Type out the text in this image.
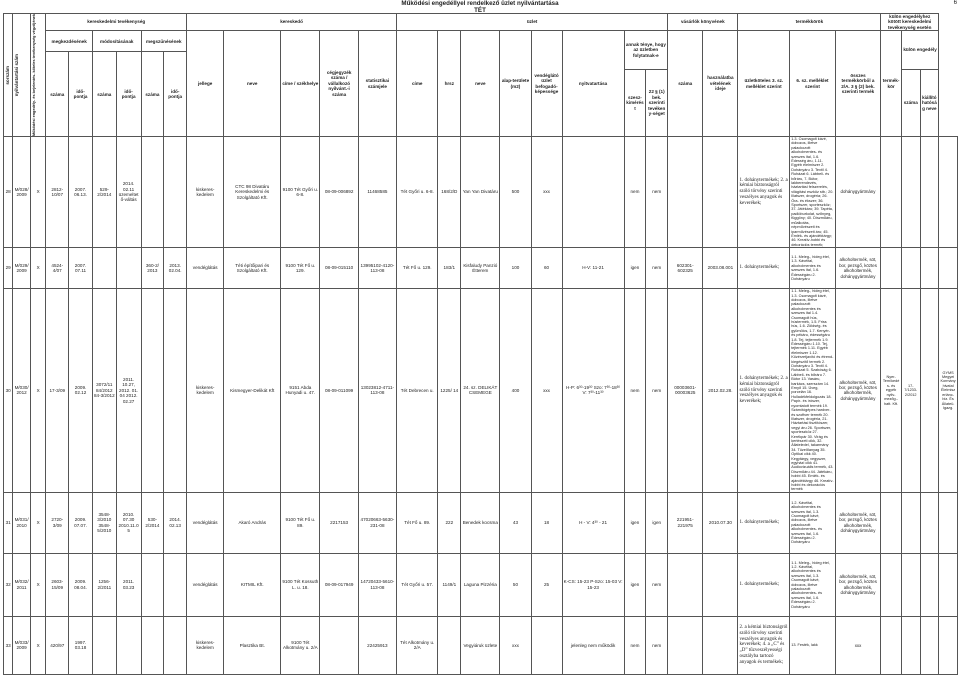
Működési engedéllyel rendelkező üzlet nyilvántartása
TÉT
6
sorszám	nyilvántartási szám	Működési engedély- és bejelentés- köteles tevékenység végzőjének	kereskedelmi tevékenység						kereskedő					üzlet								vásárlók könyvének		termékkörök			külön engedélyhez kötött kereskedelmi tevékenység esetén			
			megkezdésének		módosításának		megszűnésének		jellege	neve	címe / székhelye	cégjegyzék száma / vállalkozó nyilvánt.-i száma	statisztikai számjele	címe	hrsz	neve	alap-területe (m2)	vendéglátó üzlet befogadó-képessége	nyitvatartása	annak ténye, hogy az üzletben folytatnak-e		száma	használatba vételének ideje	üzletköteles 3. sz. melléklet szerint	6. sz. melléklet szerint	összes termékkörből a 2/A. 3 § (2) bek. szerinti termék	termék-kör	külön engedély		
			száma	idő-pontja	száma	idő-pontja	száma	idő-pontja																						
																				szesz-kimérést	22 § (1) bek. szerinti tevékeny-séget							száma	kiállító hatóság neve	

28	M/028/ 2009	X	2812- 10/07	2007. 06.13.	529- 2/2014	2014. 02.11 üzemeltető-váltás			kiskeres-kedelem	CTC 98 Divatáru Kereskedelmi és Szolgáltató Kft.	9100 Tét Győri u. 6-8.	08-09-006892	11468585	Tét Győri u. 6-8.	168/2/D	Yan Yan Divatáru	500	xxx		nem	nem			1. dohánytermékek; 2. a kémiai biztonságról szóló törvény szerinti veszélyes anyagok és keverékek;	1.3. Csomagolt kávé, dobozos, illetve palackozott alkoholmentes- és szeszes ital, 1.6. Édesség áru, 1.11. Egyéb élelmiszer 2. Dohányáru 3. Textil 4. Ruházat 6. Lábbeli- és bőráru, 7. Bútor, lakberendezés, háztartási felszerelés, világítási eszköz stb.; 20. Illatszer, drogéria; 26. Óra- és ékszer; 36. Sportszer, sporteszköz; 37. Játékáru; 39. Tapéta, padlóburkolat, szőnyeg, függöny; 40. Díszműáru, műalkotás, népművészeti és iparművészeti áru; 45. Emlék- és ajándéktárgy; 46. Kreatív-hobbi és dekorációs termék;	dohánygyártmány				
29	M/029/ 2009	X	4524- 4/07	2007. 07.11			360-2/ 2013	2013. 02.04.	vendéglátás	Téti építőipari és Szolgáltató Kft.	9100 Tét Fő u. 129.	08-09-015110	13995102-4120-113-08	Tét Fő u. 129.	183/1	Kisfaludy Panzió Étterem	100	60	H-V: 11-21	igen	nem	602301- 602325	2003.08.001	1. dohánytermékek;	1.1. Meleg-, hideg étel, 1.3. Kávéital, alkoholmentes és szeszes ital, 1.6. Édességáru 2. Dohányáru	alkoholtermék, söt, bor, pezsgő, köztes alkoholtermék, dohánygyártmány				
30	M/030/ 2012	X	17-3/09	2009. 02.12	3072/11 84/2012 84-3/2012	2011. 10.27, 2012. 01. 04 2012. 02.27			kiskeres-kedelem	Kismegyer-Delikát Kft	9151 Abda Hunyadi u. 47.	08-09-011099	13023812-4711-113-08	Tét Debrecen u.	1225/ 14	24. sz. DELIKÁT CSEMEGE	400	xxx	H-P: 6³⁰-19³⁰ Szo: 7³⁰-18³⁰ V: 7³⁰-11³⁰	nem	nem	00003601- 00003625	2012.02.28.	1. dohánytermékek; 2. a kémiai biztonságról szóló törvény szerinti veszélyes anyagok és keverékek;	1.1. Meleg-, hideg étel, 1.3. Csomagolt kávé, dobozos, illetve palackozott alkoholmentes és szeszes ital 1.4. Csomagolt hús, hústermék, 1.5. Friss hús, 1.6. Zöldség- és gyümölcs, 1.7. Kenyér- és pékáru, édességáru 1.8. Tej, tejtermék 1.9. Édességáru 1.10. Tej, tejtermék 1.11. Egyéb élelmiszer 1.12. Közérzetjavító és étrend-kiegészítő termék 2. Dohányáru 3. Textil 4. Ruházat 5. Szabóság 6. Lábbeli- és bőráru 7. Bútor 13. Vasáru, barkács, szerszám 14. Ernyő 15. Üveg, porcelán 16. Hulladékfeldolgozás 18. Papír- és írószer, nyomtatott termék 19. Számítógépes hardver- és szoftver termék 20. Illatszer, drogéria, 21. Háztartási tisztítószer, vegyi áru 26. Sportszer, sporteszköz 27. Kerékpár 30. Virág és kertészeti cikk, 32. Állateledel, takarmány 34. Tüzelőanyag 35. Optikai cikk 40. Kegytárgy, vegyszer, egyházi cikk 41. Audiovizuális termék, 43. Díszműáru 44. Játékáru, hobbi 45. Emlék- és ajándéktárgy 46. Kreatív-hobbi és dekorációs termék	alkoholtermék, söt, bor, pezsgő, köztes alkoholtermék, dohánygyártmány	Nyer-Tem/kedés- és egyéb nyilv- mezőg.-hatt. Kft.	17-7/1233-2/2012		GYMS Megyei Kormányhivatal Élelmiszerlánc- biz. És Állateü. Igazg.
31	M/031/ 2010	X	2720- 3/09	2009. 07.07.	3548- 3/2010 3548- 5/2010	2010. 07.30 2010.11.05	530- 2/2014	2014. 02.13	vendéglátás	Akaró András	9100 Tét Fő u. 89.	2217153	47020663-5630-231-08	Tét Fő u. 89.	222	Benedek kocsma	43	18	H - V: 4³⁰ - 21	igen	igen	221951- 221975	2010.07.30	1. dohánytermékek;	1.2. Kávéital, alkoholmentes és szeszes ital, 1.3. Csomagolt kávé, dobozos, illetve palackozott alkoholmentes- és szeszes ital, 1.6. Édességáru 2. Dohányáru	alkoholtermék, söt, bor, pezsgő, köztes alkoholtermék, dohánygyártmány				
32	M/032/ 2011	X	2603- 15/09	2009. 08.04.	1256- 2/2011	2011. 03.23			vendéglátás	KITMIL Kft.	9100 Tét Kossuth L. u. 18.	08-09-017949	14720433-5610-113-08	Tét Győri u. 57.	1149/1	Laguna Pizzéria	50	25	K-CS: 15-23 P-Szo: 15-03 V: 15-23	igen	nem			1. dohánytermékek;	1.1. Meleg-, hideg étel, 1.2. Kávéital, alkoholmentes és szeszes ital, 1.3. Csomagolt kávé, dobozos, illetve palackozott alkoholmentes- és szeszes ital, 1.6. Édességáru 2. Dohányáru	alkoholtermék, söt, bor, pezsgő, köztes alkoholtermék, dohánygyártmány				
33	M/033/ 2009	X	420/97	1997. 03.18					kiskeres-kedelem	Plasztika Bt.	9100 Tét Alkotmány u. 2/A		22425913	Tét Alkotmány u. 2/A		Vegyiáruk üzlete	xxx		jelenleg nem működik	nem	nem			2. a kémiai biztonságról szóló törvény szerinti veszélyes anyagok és keverékek; 4. a „C” és „D” tűzveszélyességi osztályba tartozó anyagok és termékek;	13. Festék, lakk	xxx				
